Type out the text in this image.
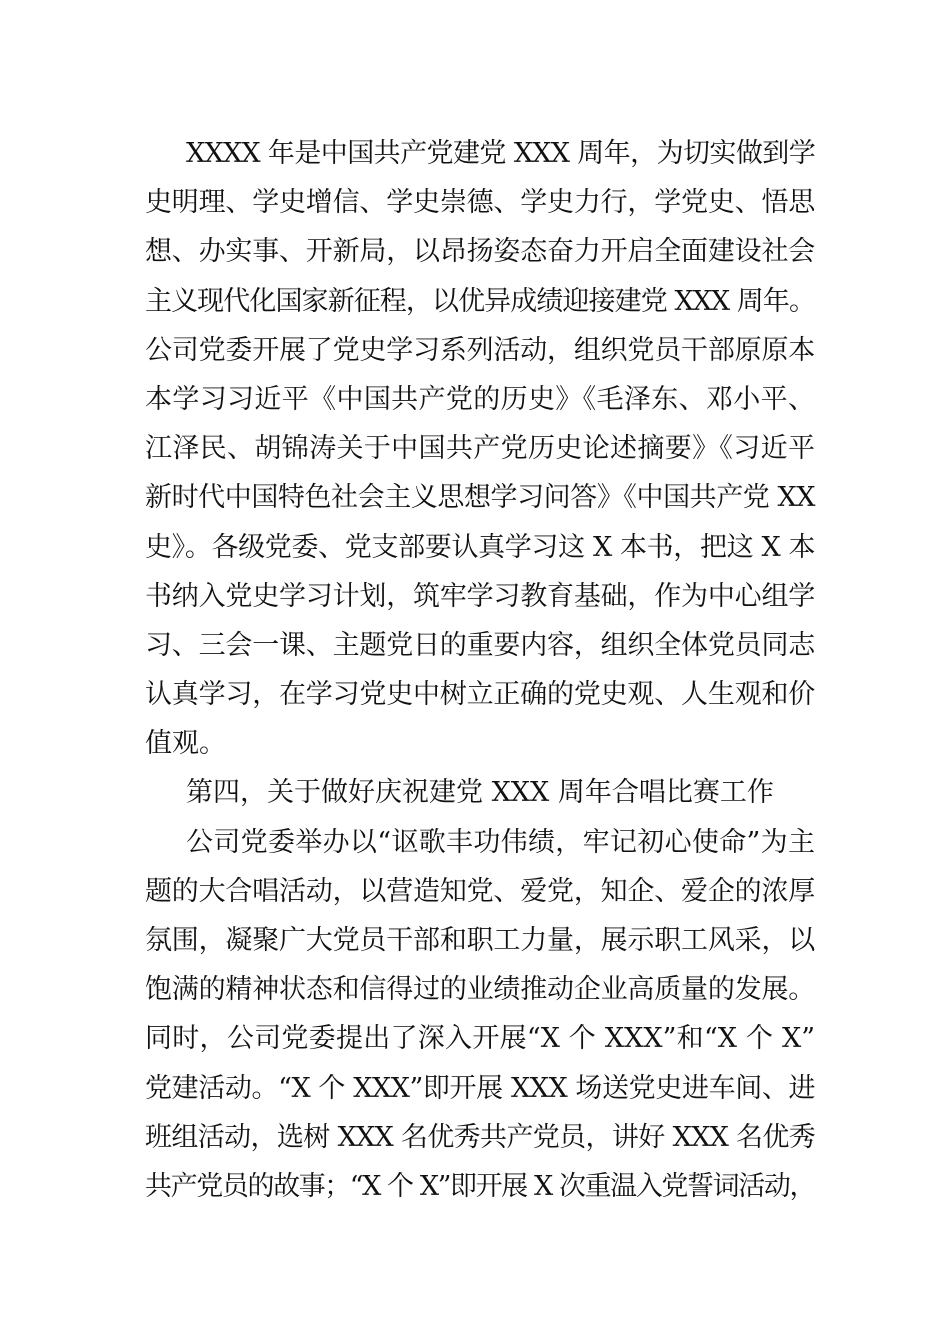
XXXX 年是中国共产党建党 XXX 周年，为切实做到学
史明理、学史增信、学史崇德、学史力行，学党史、悟思
想、办实事、开新局，以昂扬姿态奋力开启全面建设社会
主义现代化国家新征程，以优异成绩迎接建党 XXX 周年。
公司党委开展了党史学习系列活动，组织党员干部原原本
本学习习近平《中国共产党的历史》《毛泽东、邓小平、
江泽民、胡锦涛关于中国共产党历史论述摘要》《习近平
新时代中国特色社会主义思想学习问答》《中国共产党 XX
史》。各级党委、党支部要认真学习这 X 本书，把这 X 本
书纳入党史学习计划，筑牢学习教育基础，作为中心组学
习、三会一课、主题党日的重要内容，组织全体党员同志
认真学习，在学习党史中树立正确的党史观、人生观和价
值观。
第四，关于做好庆祝建党 XXX 周年合唱比赛工作
公司党委举办以“讴歌丰功伟绩，牢记初心使命”为主
题的大合唱活动，以营造知党、爱党，知企、爱企的浓厚
氛围，凝聚广大党员干部和职工力量，展示职工风采，以
饱满的精神状态和信得过的业绩推动企业高质量的发展。
同时，公司党委提出了深入开展“X 个 XXX”和“X 个 X”
党建活动。“X 个 XXX”即开展 XXX 场送党史进车间、进
班组活动，选树 XXX 名优秀共产党员，讲好 XXX 名优秀
共产党员的故事；“X 个 X”即开展 X 次重温入党誓词活动，
